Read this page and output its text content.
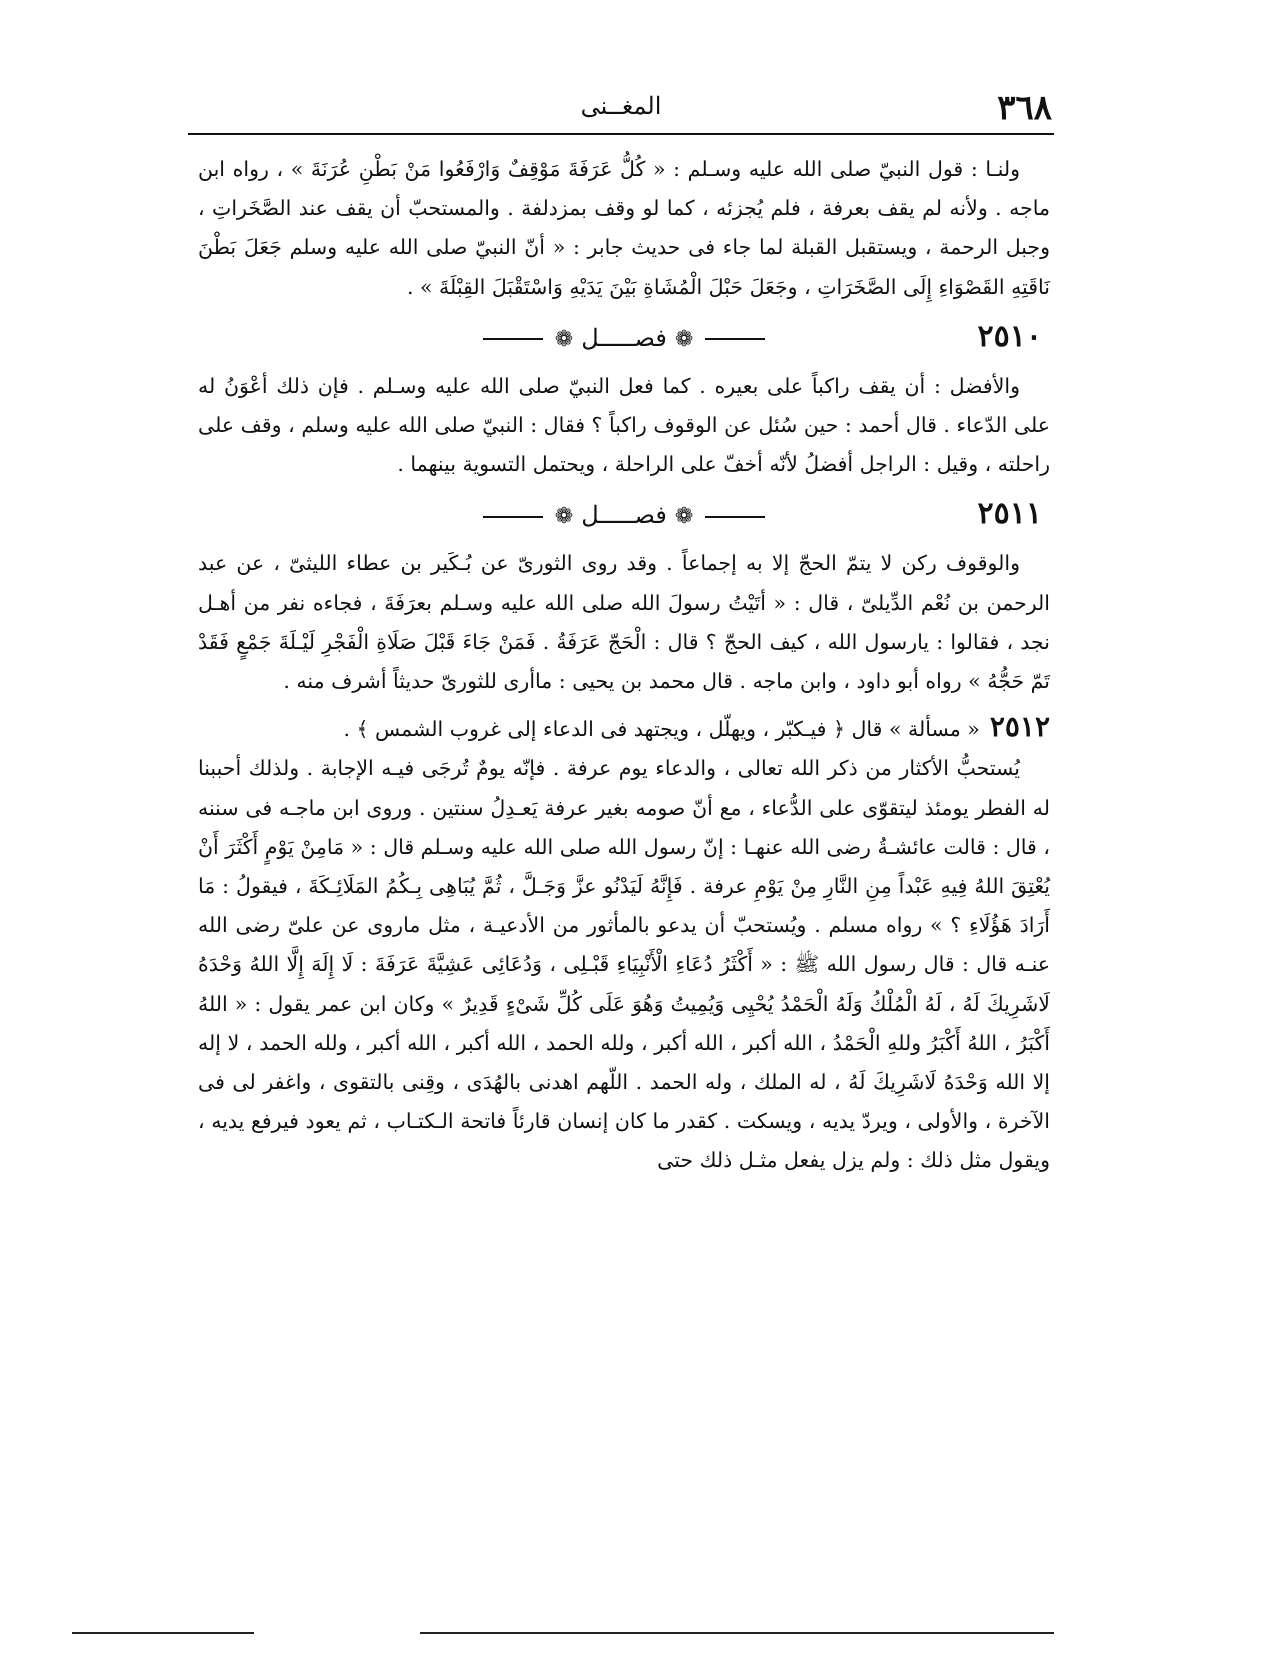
٣٦٨
المغــنى

ولنـا : قول النبيّ صلى الله عليه وسـلم : « كُلُّ عَرَفَةَ مَوْقِفٌ وَارْفَعُوا مَنْ بَطْنِ عُرَنَةَ » ، رواه ابن ماجه . ولأنه لم يقف بعرفة ، فلم يُجزئه ، كما لو وقف بمزدلفة . والمستحبّ أن يقف عند الصَّخَراتِ ، وجبل الرحمة ، ويستقبل القبلة لما جاء فى حديث جابر : « أنّ النبيّ صلى الله عليه وسلم جَعَلَ بَطْنَ نَاقَتِهِ القَصْوَاءِ إِلَى الصَّخَرَاتِ ، وجَعَلَ حَبْلَ الْمُشَاةِ بَيْنَ يَدَيْهِ وَاسْتَقْبَلَ القِبْلَةَ » .

٢٥١٠
❁فصـــــل❁

والأفضل : أن يقف راكباً على بعيره . كما فعل النبيّ صلى الله عليه وسـلم . فإن ذلك أعْوَنُ له على الدّعاء . قال أحمد : حين سُئل عن الوقوف راكباً ؟ فقال : النبيّ صلى الله عليه وسلم ، وقف على راحلته ، وقيل : الراجل أفضلُ لأنّه أخفّ على الراحلة ، ويحتمل التسوية بينهما .

٢٥١١
❁فصـــــل❁

والوقوف ركن لا يتمّ الحجّ إلا به إجماعاً . وقد روى الثورىّ عن بُـكَير بن عطاء الليثىّ ، عن عبد الرحمن بن نُعْم الدِّيلىّ ، قال : « أتَيْتُ رسولَ الله صلى الله عليه وسـلم بعرَفَةَ ، فجاءه نفر من أهـل نجد ، فقالوا : يارسول الله ، كيف الحجّ ؟ قال : الْحَجّ عَرَفَةُ . فَمَنْ جَاءَ قَبْلَ صَلَاةِ الْفَجْرِ لَيْـلَةَ جَمْعٍ فَقَدْ تَمّ حَجُّهُ » رواه أبو داود ، وابن ماجه . قال محمد بن يحيى : ماأرى للثورىّ حديثاً أشرف منه .

٢٥١٢« مسألة » قال ﴿ فيـكبّر ، ويهلّل ، ويجتهد فى الدعاء إلى غروب الشمس ﴾ .

يُستحبُّ الأكثار من ذكر الله تعالى ، والدعاء يوم عرفة . فإنّه يومٌ تُرجَى فيـه الإجابة . ولذلك أحببنا له الفطر يومئذ ليتقوّى على الدُّعاء ، مع أنّ صومه بغير عرفة يَعـدِلُ سنتين . وروى ابن ماجـه فى سننه ، قال : قالت عائشـةُ رضى الله عنهـا : إنّ رسول الله صلى الله عليه وسـلم قال : « مَامِنْ يَوْمٍ أَكْثَرَ أَنْ يُعْتِقَ اللهُ فِيهِ عَبْداً مِنِ النَّارِ مِنْ يَوْمِ عرفة . فَإِنَّهُ لَيَدْنُو عزَّ وَجَـلَّ ، ثُمَّ يُبَاهِى بِـكُمُ المَلَائِـكَةَ ، فيقولُ : مَا أَرَادَ هَؤُلَاءِ ؟ » رواه مسلم . ويُستحبّ أن يدعو بالمأثور من الأدعيـة ، مثل ماروى عن علىّ رضى الله عنـه قال : قال رسول الله ﷺ : « أَكْثَرُ دُعَاءِ الْأَنْبِيَاءِ قَبْـلِى ، وَدُعَائِى عَشِيَّةَ عَرَفَةَ : لَا إِلَهَ إِلَّا اللهُ وَحْدَهُ لَاشَرِيكَ لَهُ ، لَهُ الْمُلْكُ وَلَهُ الْحَمْدُ يُحْيِى وَيُمِيتُ وَهُوَ عَلَى كُلِّ شَىْءٍ قَدِيرٌ » وكان ابن عمر يقول : « اللهُ أَكْبَرُ ، اللهُ أَكْبَرُ وللهِ الْحَمْدُ ، الله أكبر ، الله أكبر ، ولله الحمد ، الله أكبر ، الله أكبر ، ولله الحمد ، لا إله إلا الله وَحْدَهُ لَاشَرِيكَ لَهُ ، له الملك ، وله الحمد . اللّهم اهدنى بالهُدَى ، وقِنى بالتقوى ، واغفر لى فى الآخرة ، والأولى ، ويردّ يديه ، ويسكت . كقدر ما كان إنسان قارئاً فاتحة الـكتـاب ، ثم يعود فيرفع يديه ، ويقول مثل ذلك : ولم يزل يفعل مثـل ذلك حتى
